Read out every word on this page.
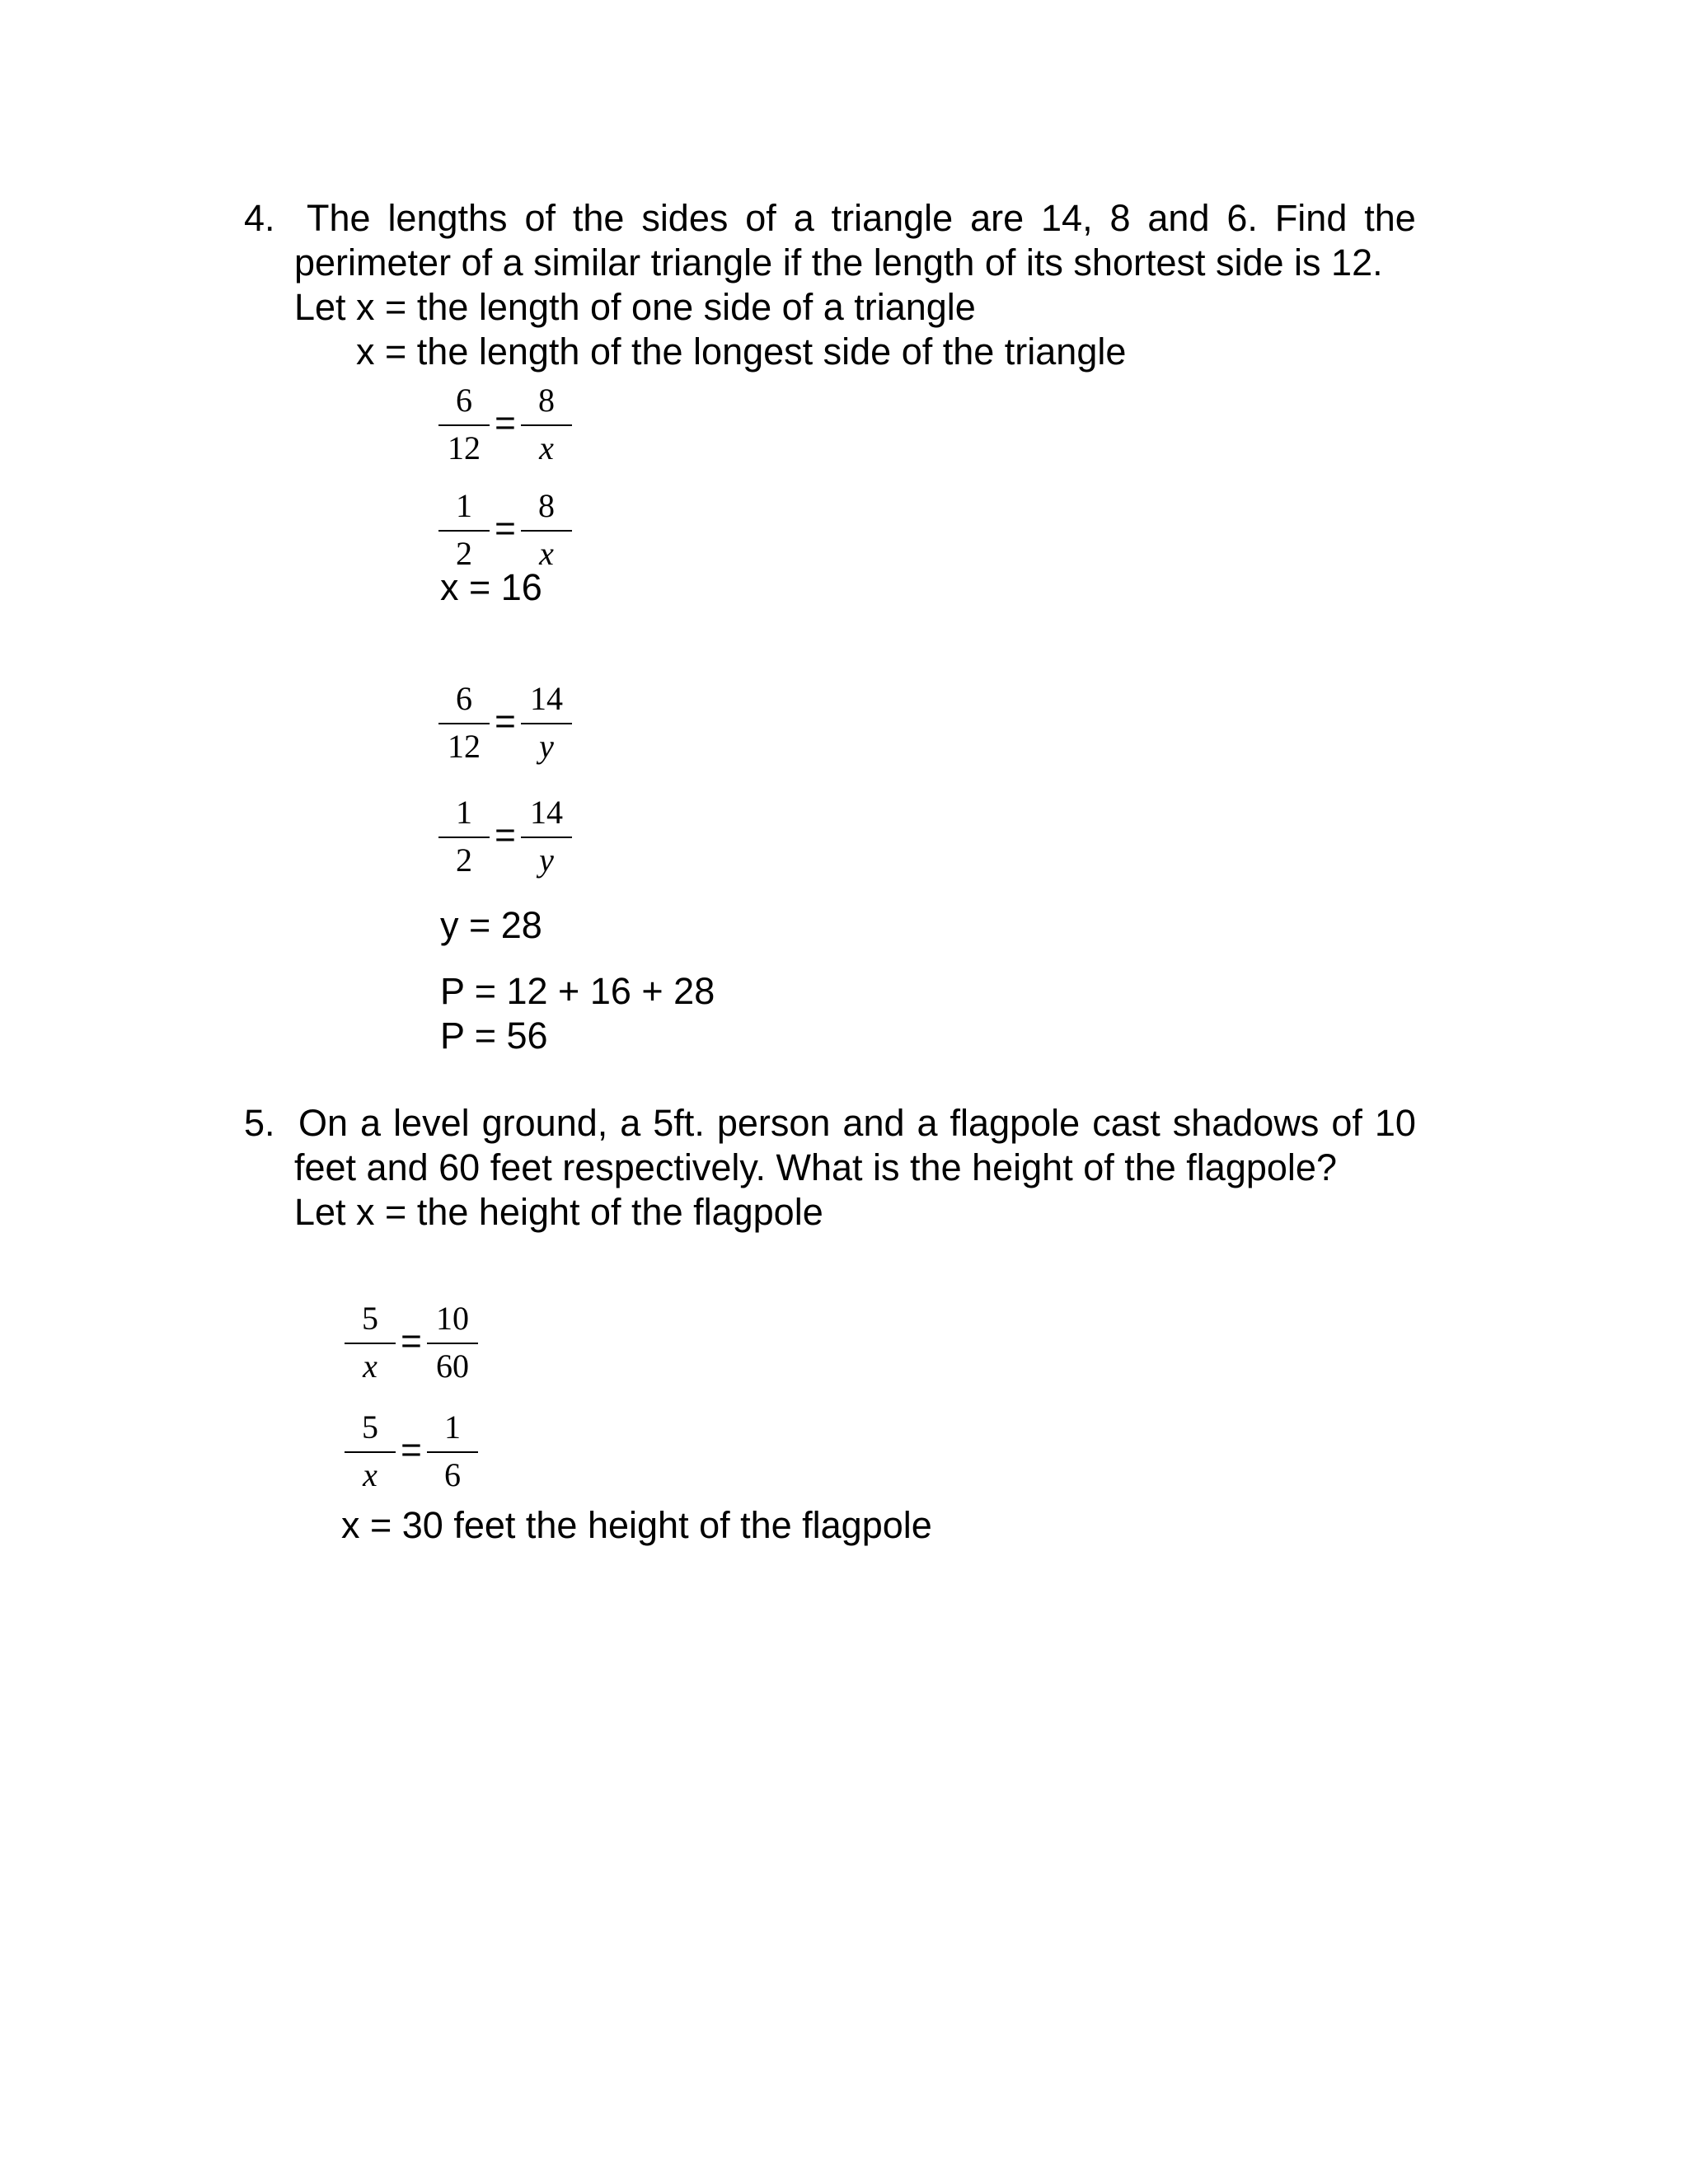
4. The lengths of the sides of a triangle are 14, 8 and 6. Find the
perimeter of a similar triangle if the length of its shortest side is 12.
Let x = the length of one side of a triangle
x = the length of the longest side of the triangle
6
12
=
8
x
1
2
=
8
x
x = 16
6
12
=
14
y
1
2
=
14
y
y = 28
P = 12 + 16 + 28
P = 56
5. On a level ground, a 5ft. person and a flagpole cast shadows of 10
feet and 60 feet respectively. What is the height of the flagpole?
Let x = the height of the flagpole
5
x
=
10
60
5
x
=
1
6
x = 30 feet the height of the flagpole
